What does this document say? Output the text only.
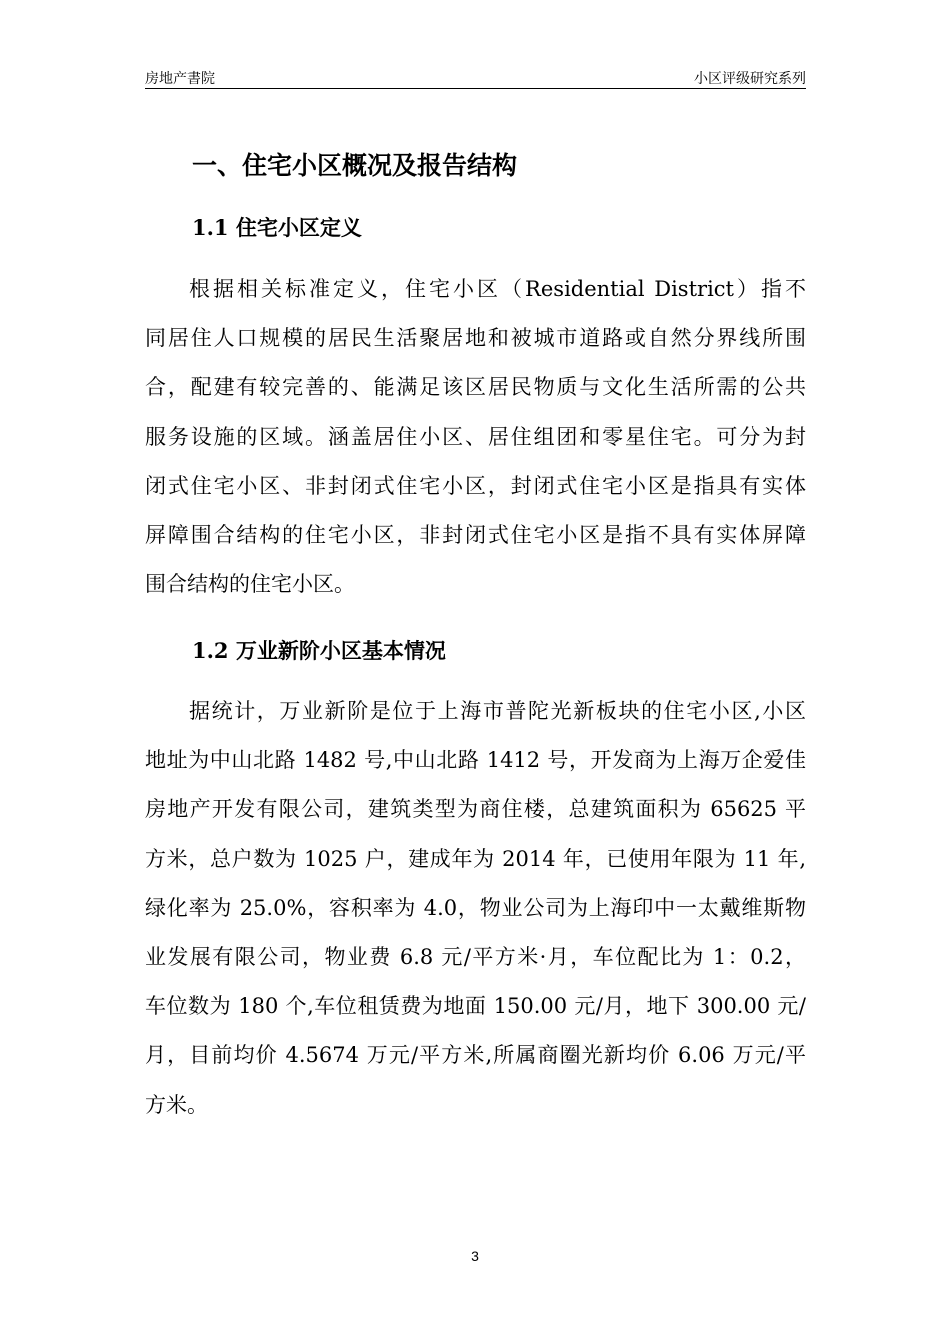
房地产書院	小区评级研究系列
一、住宅小区概况及报告结构
1.1 住宅小区定义
根据相关标准定义，住宅小区（Residential District）指不
同居住人口规模的居民生活聚居地和被城市道路或自然分界线所围
合，配建有较完善的、能满足该区居民物质与文化生活所需的公共
服务设施的区域。涵盖居住小区、居住组团和零星住宅。可分为封
闭式住宅小区、非封闭式住宅小区，封闭式住宅小区是指具有实体
屏障围合结构的住宅小区，非封闭式住宅小区是指不具有实体屏障
围合结构的住宅小区。
1.2 万业新阶小区基本情况
据统计，万业新阶是位于上海市普陀光新板块的住宅小区,小区
地址为中山北路 1482 号,中山北路 1412 号，开发商为上海万企爱佳
房地产开发有限公司，建筑类型为商住楼，总建筑面积为 65625 平
方米，总户数为 1025 户，建成年为 2014 年，已使用年限为 11 年,
绿化率为 25.0%，容积率为 4.0，物业公司为上海印中一太戴维斯物
业发展有限公司，物业费 6.8 元/平方米·月，车位配比为 1：0.2，
车位数为 180 个,车位租赁费为地面 150.00 元/月，地下 300.00 元/
月，目前均价 4.5674 万元/平方米,所属商圈光新均价 6.06 万元/平
方米。
3
